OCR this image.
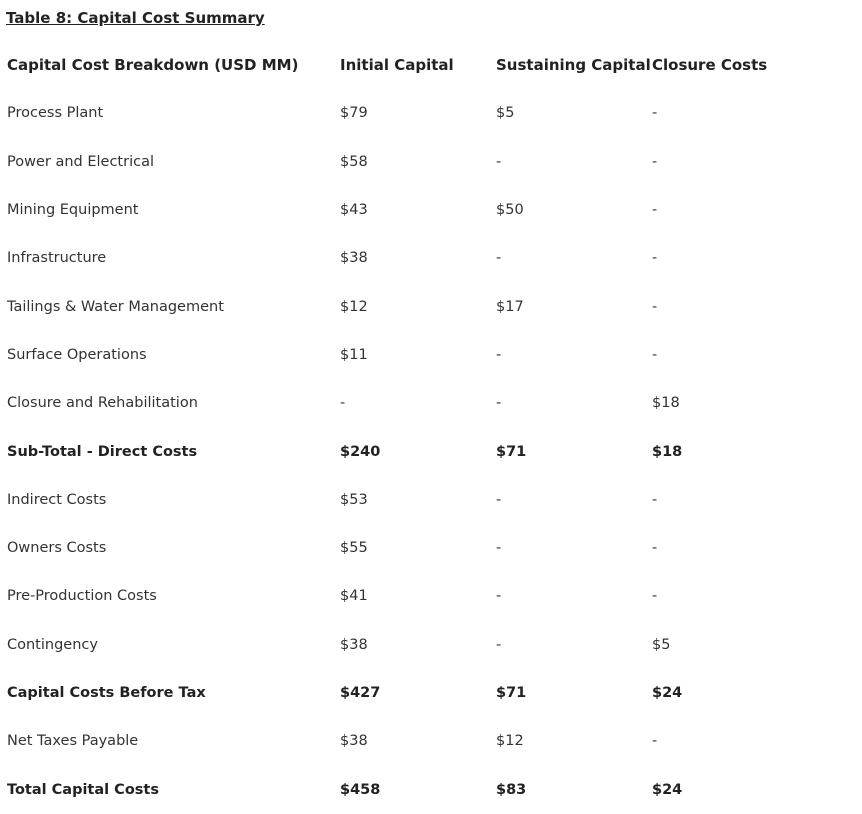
Table 8: Capital Cost Summary
Capital Cost Breakdown (USD MM)	Initial Capital	Sustaining Capital	Closure Costs
Process Plant	$79	$5	-
Power and Electrical	$58	-	-
Mining Equipment	$43	$50	-
Infrastructure	$38	-	-
Tailings & Water Management	$12	$17	-
Surface Operations	$11	-	-
Closure and Rehabilitation	-	-	$18
Sub-Total - Direct Costs	$240	$71	$18
Indirect Costs	$53	-	-
Owners Costs	$55	-	-
Pre-Production Costs	$41	-	-
Contingency	$38	-	$5
Capital Costs Before Tax	$427	$71	$24
Net Taxes Payable	$38	$12	-
Total Capital Costs	$458	$83	$24
